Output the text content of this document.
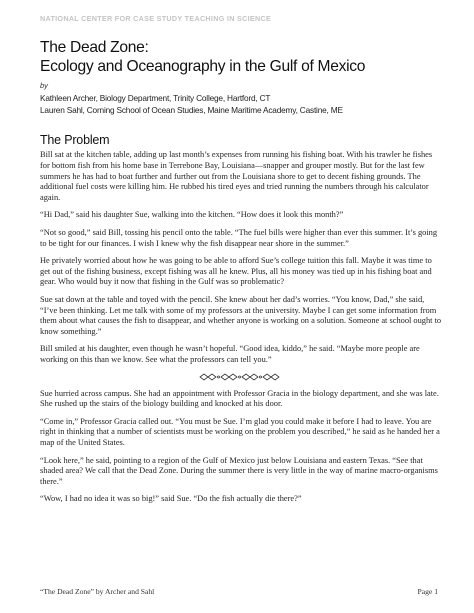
NATIONAL CENTER FOR CASE STUDY TEACHING IN SCIENCE
The Dead Zone:
Ecology and Oceanography in the Gulf of Mexico
by
Kathleen Archer, Biology Department, Trinity College, Hartford, CT
Lauren Sahl, Corning School of Ocean Studies, Maine Maritime Academy, Castine, ME
The Problem

Bill sat at the kitchen table, adding up last month’s expenses from running his fishing boat. With his trawler he fishes for bottom fish from his home base in Terrebone Bay, Louisiana—snapper and grouper mostly. But for the last few summers he has had to boat further and further out from the Louisiana shore to get to decent fishing grounds. The additional fuel costs were killing him. He rubbed his tired eyes and tried running the numbers through his calculator again.

“Hi Dad,” said his daughter Sue, walking into the kitchen. “How does it look this month?”

“Not so good,” said Bill, tossing his pencil onto the table. “The fuel bills were higher than ever this summer. It’s going to be tight for our finances. I wish I knew why the fish disappear near shore in the summer.”

He privately worried about how he was going to be able to afford Sue’s college tuition this fall. Maybe it was time to get out of the fishing business, except fishing was all he knew. Plus, all his money was tied up in his fishing boat and gear. Who would buy it now that fishing in the Gulf was so problematic?

Sue sat down at the table and toyed with the pencil. She knew about her dad’s worries. “You know, Dad,” she said, “I’ve been thinking. Let me talk with some of my professors at the university. Maybe I can get some information from them about what causes the fish to disappear, and whether anyone is working on a solution. Someone at school ought to know something.”

Bill smiled at his daughter, even though he wasn’t hopeful. “Good idea, kiddo,” he said. “Maybe more people are working on this than we know. See what the professors can tell you.”

Sue hurried across campus. She had an appointment with Professor Gracia in the biology department, and she was late. She rushed up the stairs of the biology building and knocked at his door.

“Come in,” Professor Gracia called out. “You must be Sue. I’m glad you could make it before I had to leave. You are right in thinking that a number of scientists must be working on the problem you described,” he said as he handed her a map of the United States.

“Look here,” he said, pointing to a region of the Gulf of Mexico just below Louisiana and eastern Texas. “See that shaded area? We call that the Dead Zone. During the summer there is very little in the way of marine macro-organisms there.”

“Wow, I had no idea it was so big!” said Sue. “Do the fish actually die there?”

“The Dead Zone” by Archer and Sahl	Page 1
